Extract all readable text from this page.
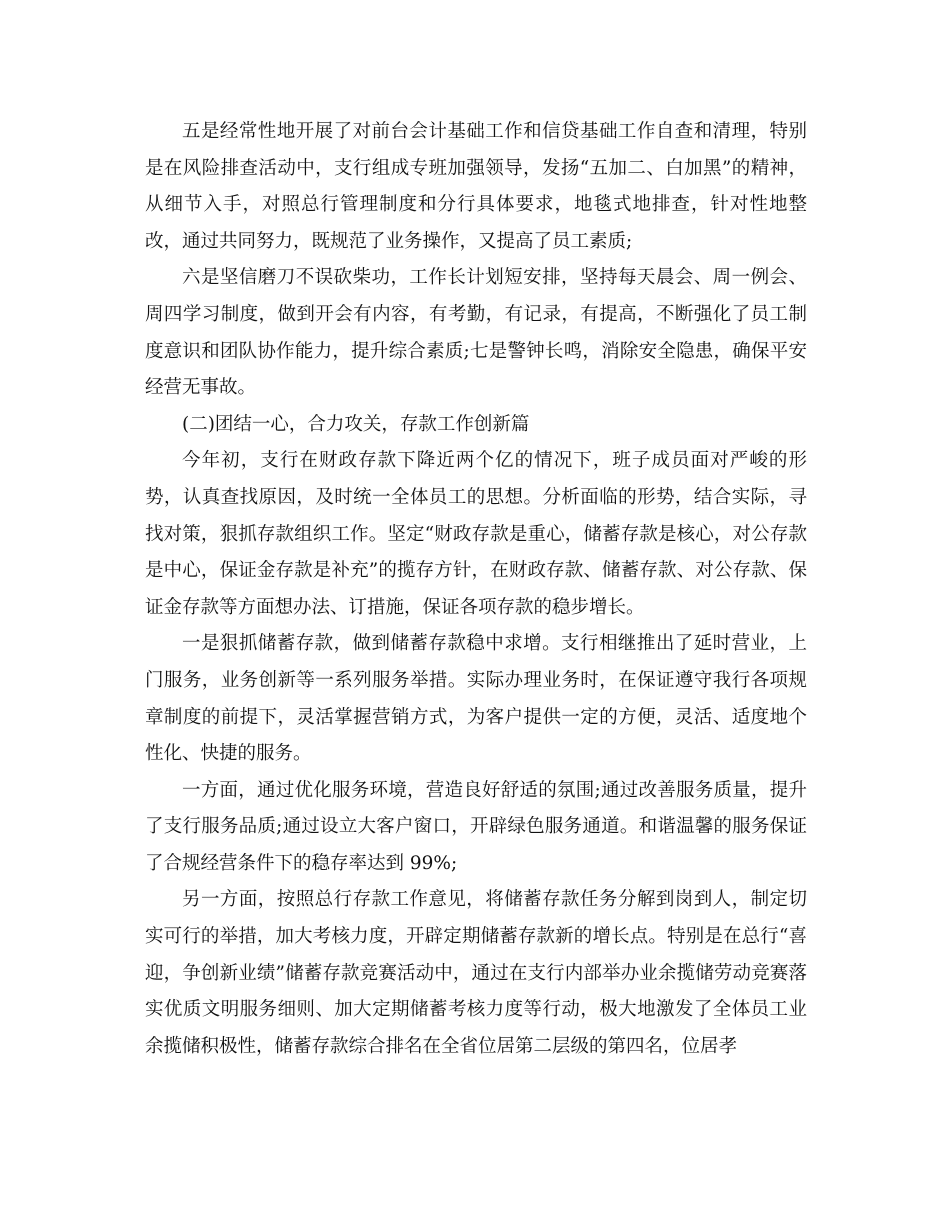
五是经常性地开展了对前台会计基础工作和信贷基础工作自查和清理，特别是在风险排查活动中，支行组成专班加强领导，发扬“五加二、白加黑”的精神，从细节入手，对照总行管理制度和分行具体要求，地毯式地排查，针对性地整改，通过共同努力，既规范了业务操作，又提高了员工素质;

六是坚信磨刀不误砍柴功，工作长计划短安排，坚持每天晨会、周一例会、周四学习制度，做到开会有内容，有考勤，有记录，有提高，不断强化了员工制度意识和团队协作能力，提升综合素质;七是警钟长鸣，消除安全隐患，确保平安经营无事故。

(二)团结一心，合力攻关，存款工作创新篇

今年初，支行在财政存款下降近两个亿的情况下，班子成员面对严峻的形势，认真查找原因，及时统一全体员工的思想。分析面临的形势，结合实际，寻找对策，狠抓存款组织工作。坚定“财政存款是重心，储蓄存款是核心，对公存款是中心，保证金存款是补充”的揽存方针，在财政存款、储蓄存款、对公存款、保证金存款等方面想办法、订措施，保证各项存款的稳步增长。

一是狠抓储蓄存款，做到储蓄存款稳中求增。支行相继推出了延时营业，上门服务，业务创新等一系列服务举措。实际办理业务时，在保证遵守我行各项规章制度的前提下，灵活掌握营销方式，为客户提供一定的方便，灵活、适度地个性化、快捷的服务。

一方面，通过优化服务环境，营造良好舒适的氛围;通过改善服务质量，提升了支行服务品质;通过设立大客户窗口，开辟绿色服务通道。和谐温馨的服务保证了合规经营条件下的稳存率达到 99%;

另一方面，按照总行存款工作意见，将储蓄存款任务分解到岗到人，制定切实可行的举措，加大考核力度，开辟定期储蓄存款新的增长点。特别是在总行“喜迎，争创新业绩”储蓄存款竞赛活动中，通过在支行内部举办业余揽储劳动竞赛落实优质文明服务细则、加大定期储蓄考核力度等行动，极大地激发了全体员工业余揽储积极性，储蓄存款综合排名在全省位居第二层级的第四名，位居孝
